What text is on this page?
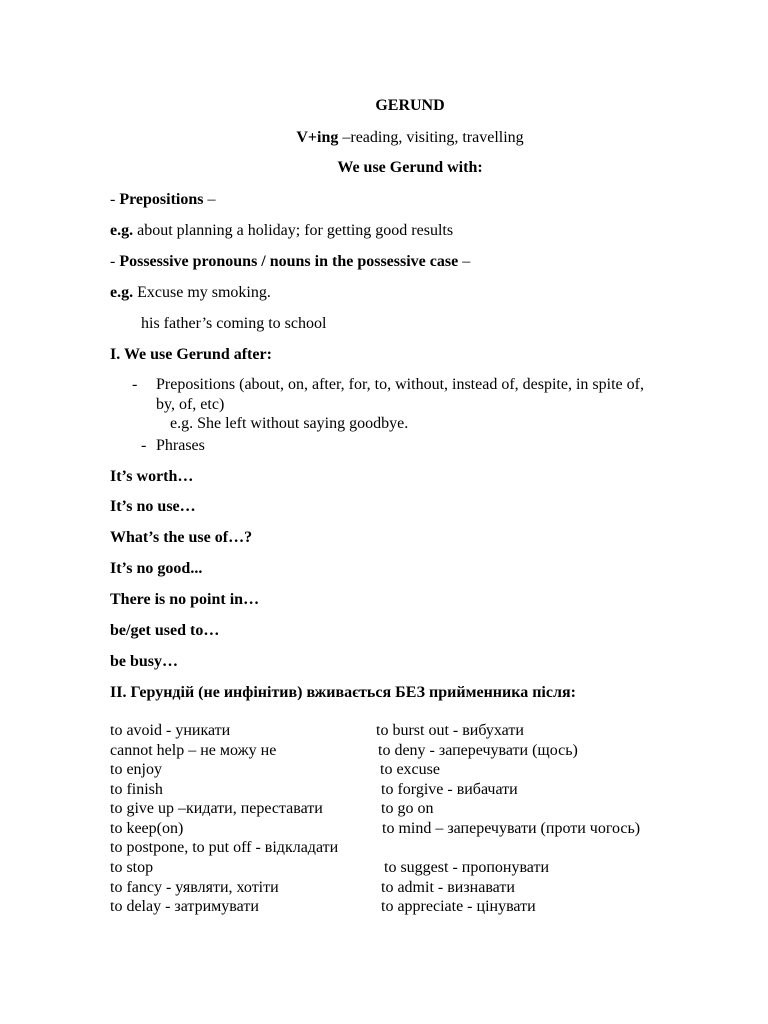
GERUND
V+ing –reading, visiting, travelling
We use Gerund with:
- Prepositions –
e.g. about planning a holiday; for getting good results
- Possessive pronouns / nouns in the possessive case –
e.g. Excuse my smoking.
his father’s coming to school
I. We use Gerund after:
- Prepositions (about, on, after, for, to, without, instead of, despite, in spite of,
by, of, etc)
e.g. She left without saying goodbye.
- Phrases
It’s worth…
It’s no use…
What’s the use of…?
It’s no good...
There is no point in…
be/get used to…
be busy…
II. Герундій (не инфінітив) вживається БЕЗ прийменника після:
to avoid - уникати	to burst out - вибухати
cannot help – не можу не	to deny - заперечувати (щось)
to enjoy	to excuse
to finish	to forgive - вибачати
to give up –кидати, переставати	to go on
to keep(on)	to mind – заперечувати (проти чогось)
to postpone, to put off - відкладати
to stop	to suggest - пропонувати
to fancy - уявляти, хотіти	to admit - визнавати
to delay - затримувати	to appreciate - цінувати
